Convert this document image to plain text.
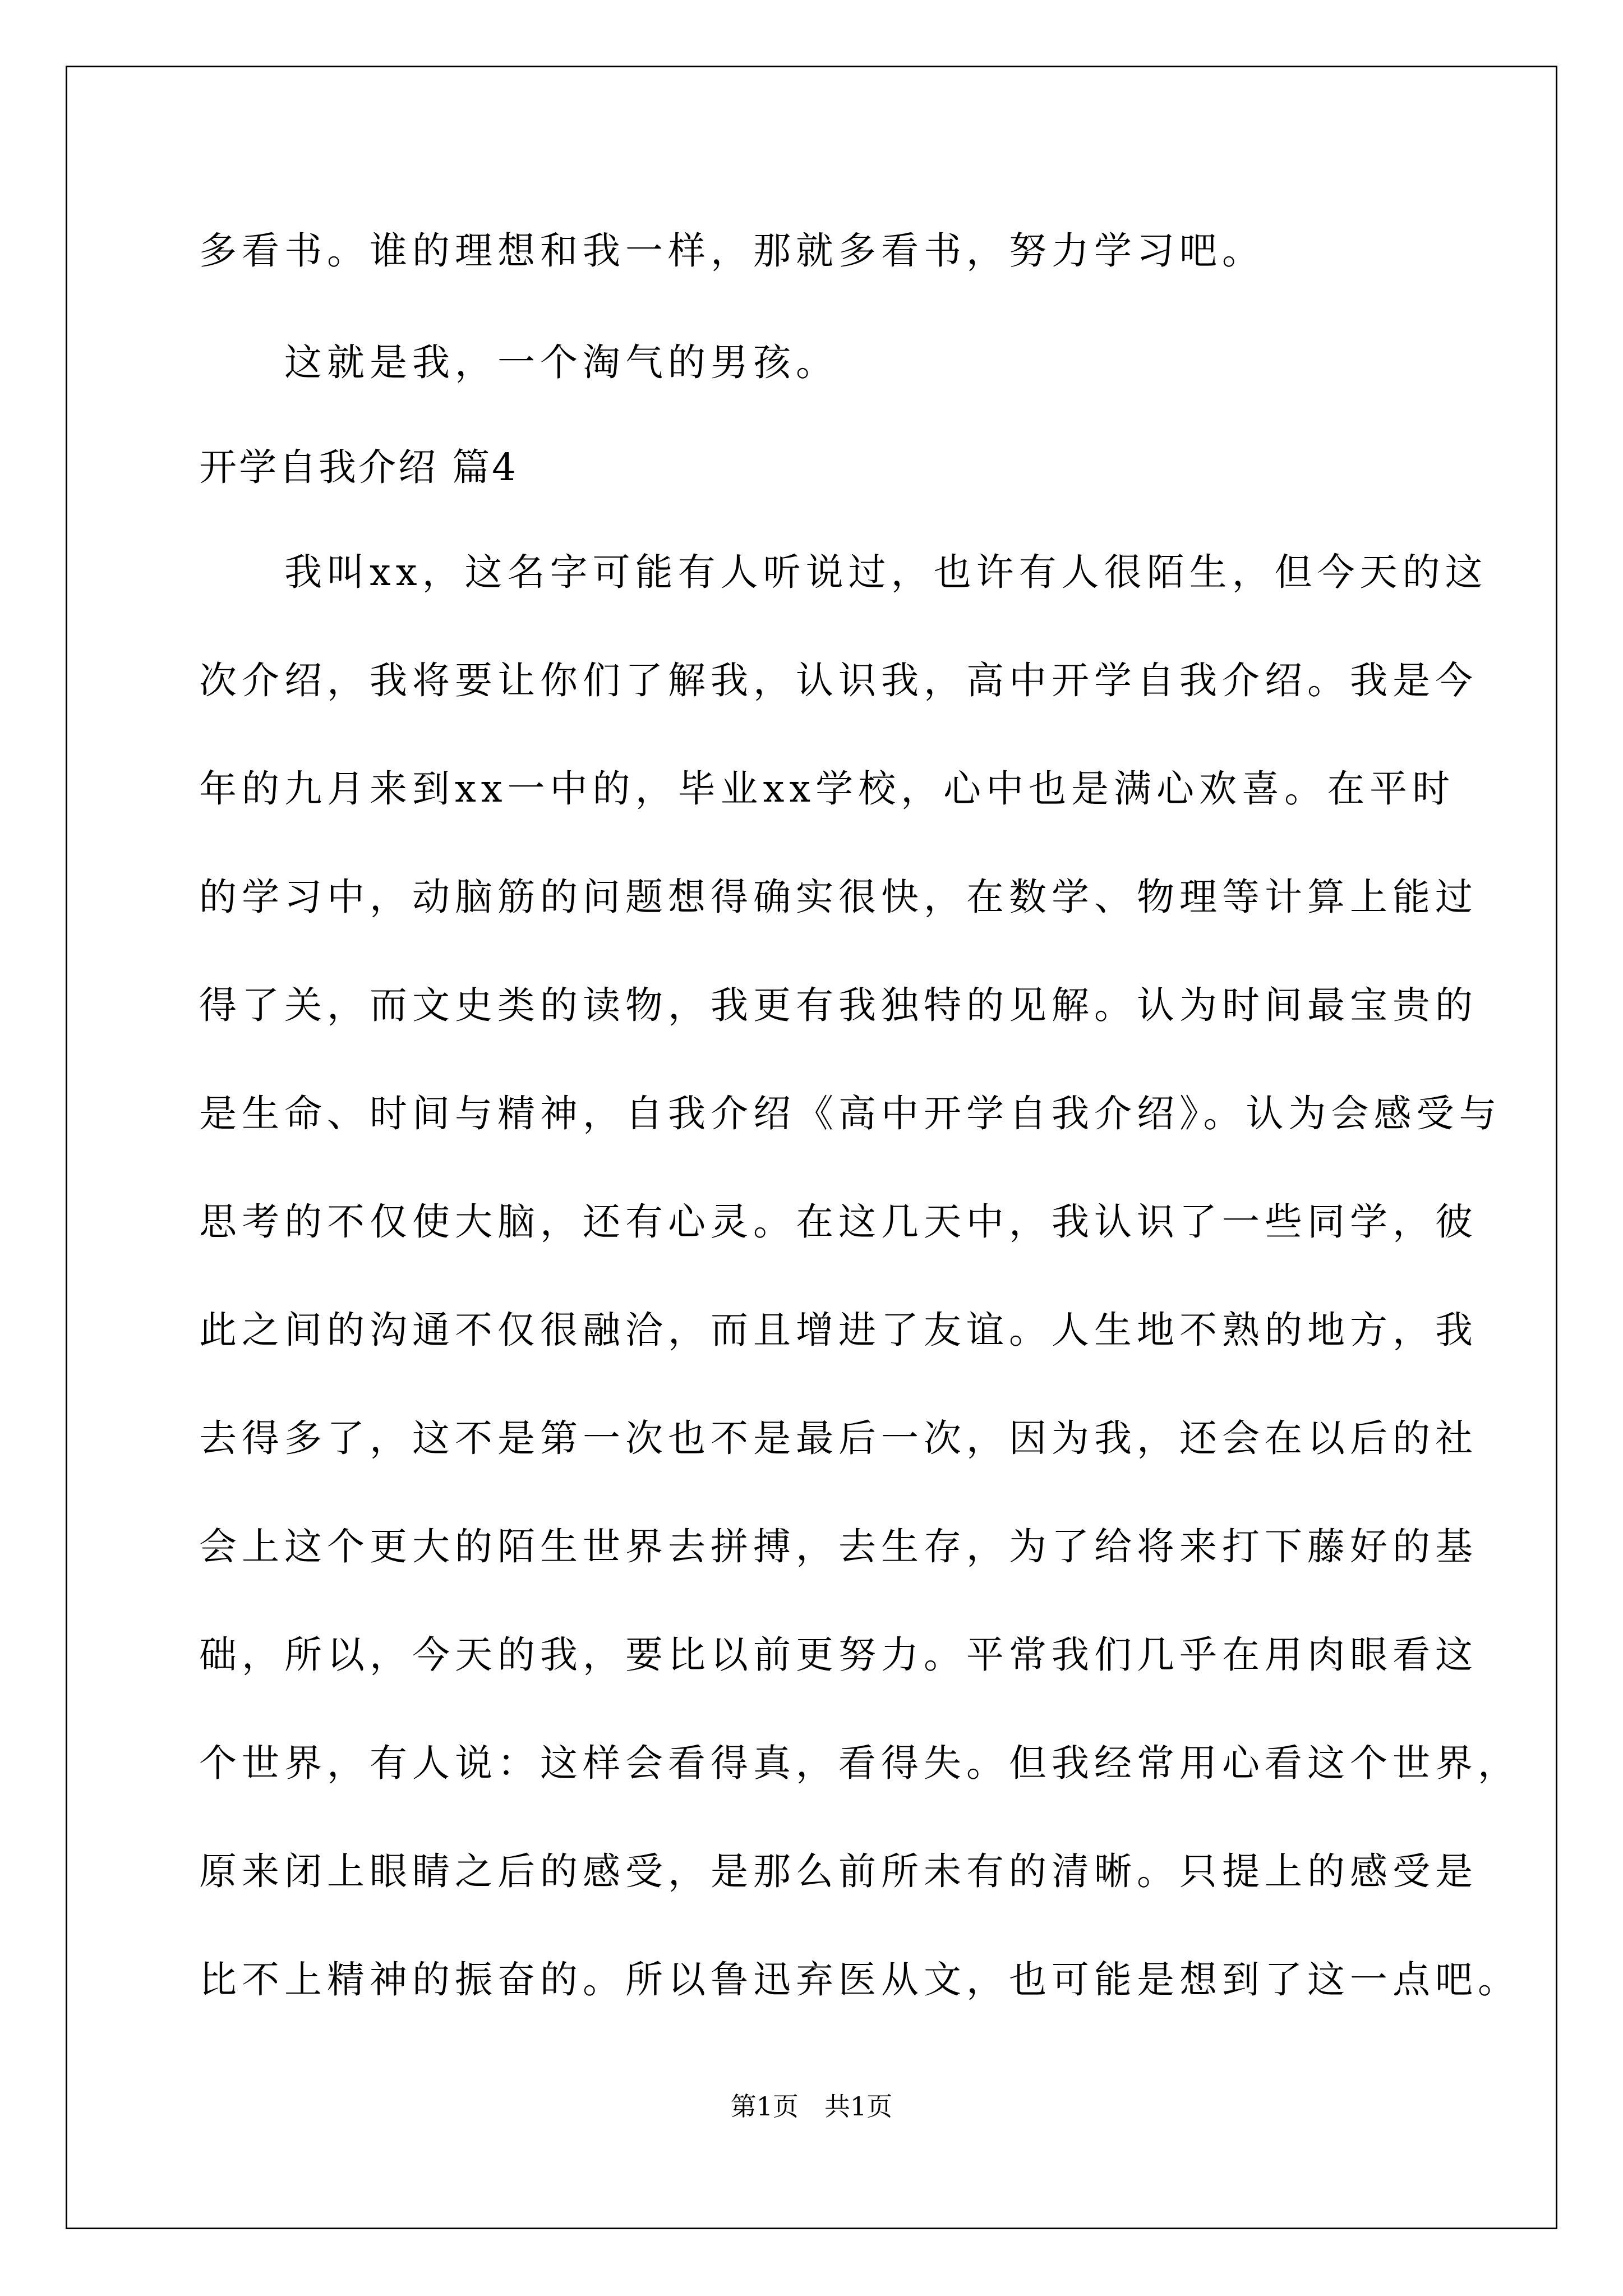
多看书。谁的理想和我一样，那就多看书，努力学习吧。

　　这就是我，一个淘气的男孩。

开学自我介绍 篇4

　　我叫xx，这名字可能有人听说过，也许有人很陌生，但今天的这

次介绍，我将要让你们了解我，认识我，高中开学自我介绍。我是今

年的九月来到xx一中的，毕业xx学校，心中也是满心欢喜。在平时

的学习中，动脑筋的问题想得确实很快，在数学、物理等计算上能过

得了关，而文史类的读物，我更有我独特的见解。认为时间最宝贵的

是生命、时间与精神，自我介绍《高中开学自我介绍》。认为会感受与

思考的不仅使大脑，还有心灵。在这几天中，我认识了一些同学，彼

此之间的沟通不仅很融洽，而且增进了友谊。人生地不熟的地方，我

去得多了，这不是第一次也不是最后一次，因为我，还会在以后的社

会上这个更大的陌生世界去拼搏，去生存，为了给将来打下藤好的基

础，所以，今天的我，要比以前更努力。平常我们几乎在用肉眼看这

个世界，有人说：这样会看得真，看得失。但我经常用心看这个世界，

原来闭上眼睛之后的感受，是那么前所未有的清晰。只提上的感受是

比不上精神的振奋的。所以鲁迅弃医从文，也可能是想到了这一点吧。

第1页　共1页
